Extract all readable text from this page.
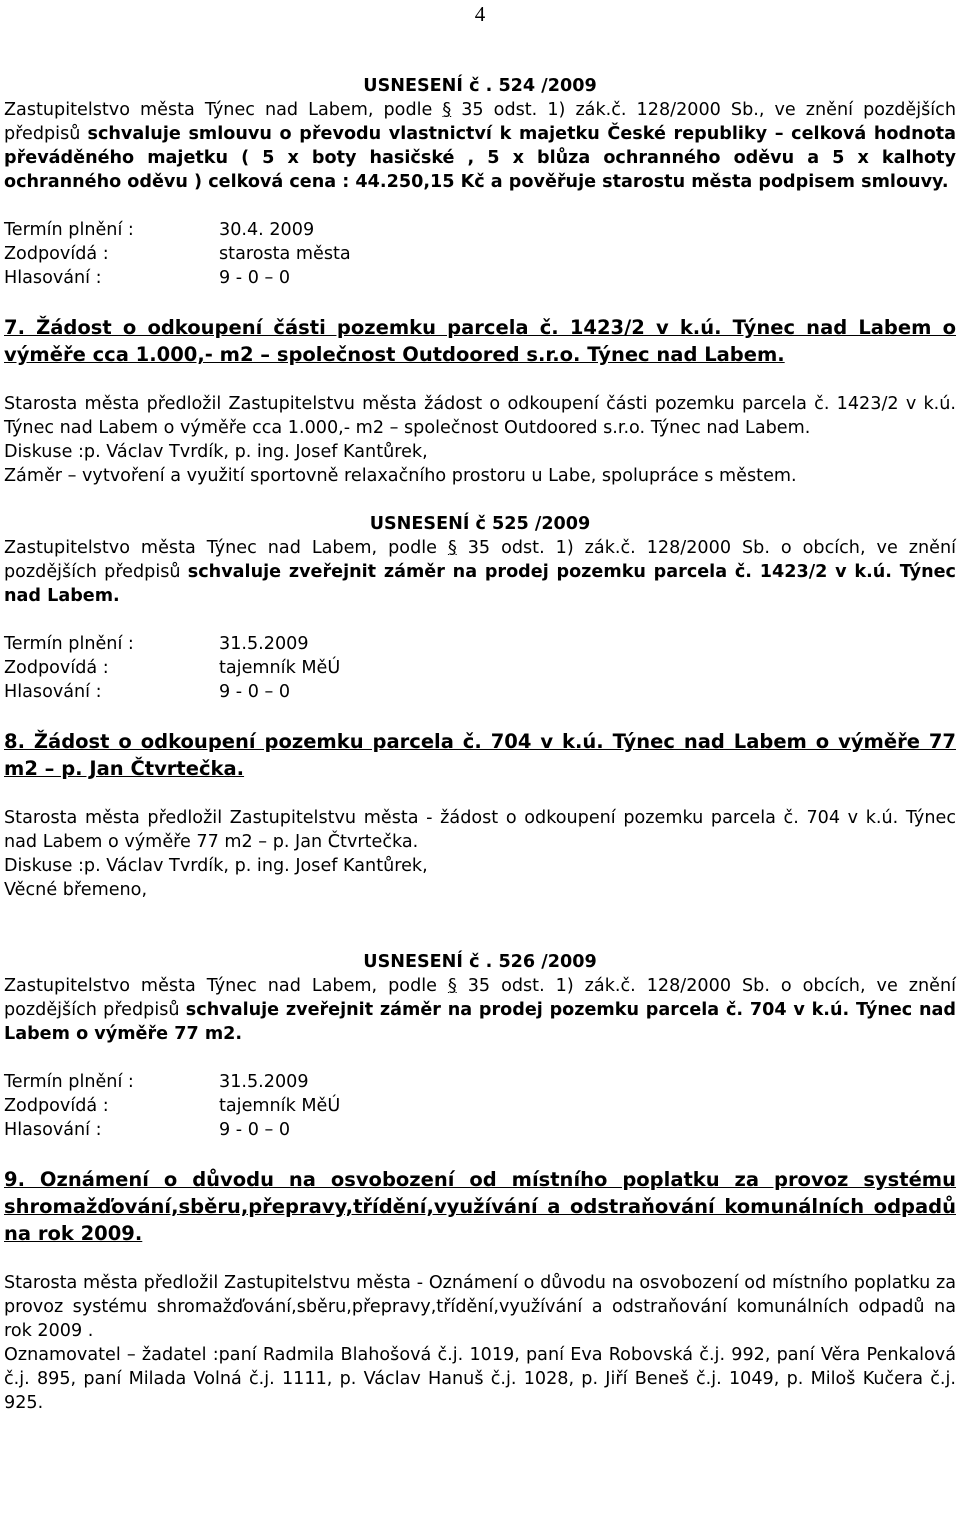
4

USNESENÍ č . 524 /2009

Zastupitelstvo města Týnec nad Labem, podle § 35 odst. 1) zák.č. 128/2000 Sb., ve znění pozdějších předpisů schvaluje smlouvu o převodu vlastnictví k majetku České republiky – celková hodnota převáděného majetku ( 5 x boty hasičské , 5 x blůza ochranného oděvu a 5 x kalhoty ochranného oděvu ) celková cena : 44.250,15 Kč a pověřuje starostu města podpisem smlouvy.

Termín plnění :	30.4. 2009
Zodpovídá :	starosta města
Hlasování :	9 - 0 – 0

7. Žádost o odkoupení části pozemku parcela č. 1423/2 v k.ú. Týnec nad Labem o výměře cca 1.000,- m2 – společnost Outdoored s.r.o. Týnec nad Labem.

Starosta města předložil Zastupitelstvu města žádost o odkoupení části pozemku parcela č. 1423/2 v k.ú. Týnec nad Labem o výměře cca 1.000,- m2 – společnost Outdoored s.r.o. Týnec nad Labem.

Diskuse :p. Václav Tvrdík, p. ing. Josef Kantůrek,

Záměr – vytvoření a využití sportovně relaxačního prostoru u Labe, spolupráce s městem.

USNESENÍ č 525 /2009

Zastupitelstvo města Týnec nad Labem, podle § 35 odst. 1) zák.č. 128/2000 Sb. o obcích, ve znění pozdějších předpisů schvaluje zveřejnit záměr na prodej pozemku parcela č. 1423/2 v k.ú. Týnec nad Labem.

Termín plnění :	31.5.2009
Zodpovídá :	tajemník MěÚ
Hlasování :	9 - 0 – 0

8. Žádost o odkoupení pozemku parcela č. 704 v k.ú. Týnec nad Labem o výměře 77 m2 – p. Jan Čtvrtečka.

Starosta města předložil Zastupitelstvu města - žádost o odkoupení pozemku parcela č. 704 v k.ú. Týnec nad Labem o výměře 77 m2 – p. Jan Čtvrtečka.

Diskuse :p. Václav Tvrdík, p. ing. Josef Kantůrek,

Věcné břemeno,

USNESENÍ č . 526 /2009

Zastupitelstvo města Týnec nad Labem, podle § 35 odst. 1) zák.č. 128/2000 Sb. o obcích, ve znění pozdějších předpisů schvaluje zveřejnit záměr na prodej pozemku parcela č. 704 v k.ú. Týnec nad Labem o výměře 77 m2.

Termín plnění :	31.5.2009
Zodpovídá :	tajemník MěÚ
Hlasování :	9 - 0 – 0

9. Oznámení o důvodu na osvobození od místního poplatku za provoz systému shromažďování,sběru,přepravy,třídění,využívání a odstraňování komunálních odpadů na rok 2009.

Starosta města předložil Zastupitelstvu města - Oznámení o důvodu na osvobození od místního poplatku za provoz systému shromažďování,sběru,přepravy,třídění,využívání a odstraňování komunálních odpadů na rok 2009 .

Oznamovatel – žadatel :paní Radmila Blahošová č.j. 1019, paní Eva Robovská č.j. 992, paní Věra Penkalová č.j. 895, paní Milada Volná č.j. 1111, p. Václav Hanuš č.j. 1028, p. Jiří Beneš č.j. 1049, p. Miloš Kučera č.j. 925.
